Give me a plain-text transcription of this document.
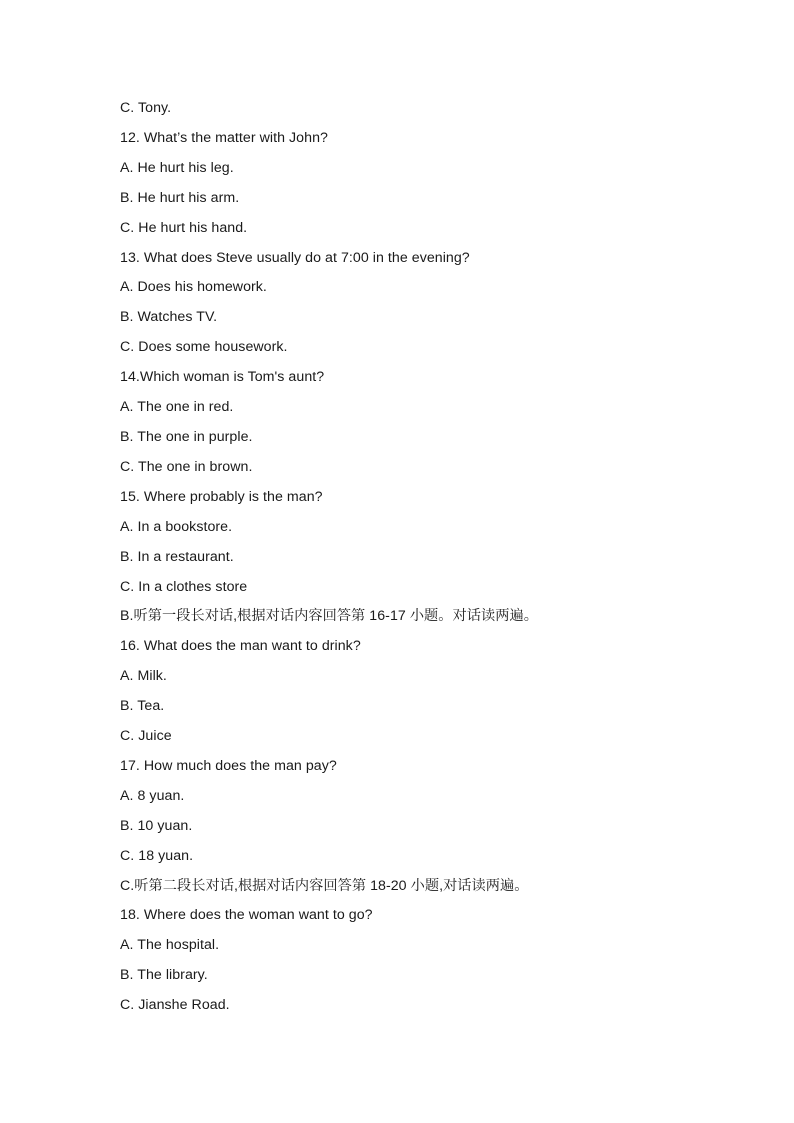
C. Tony.
12. What’s the matter with John?
A. He hurt his leg.
B. He hurt his arm.
C. He hurt his hand.
13. What does Steve usually do at 7:00 in the evening?
A. Does his homework.
B. Watches TV.
C. Does some housework.
14.Which woman is Tom's aunt?
A. The one in red.
B. The one in purple.
C. The one in brown.
15. Where probably is the man?
A. In a bookstore.
B. In a restaurant.
C. In a clothes store
B.听第一段长对话,根据对话内容回答第 16-17 小题。对话读两遍。
16. What does the man want to drink?
A. Milk.
B. Tea.
C. Juice
17. How much does the man pay?
A. 8 yuan.
B. 10 yuan.
C. 18 yuan.
C.听第二段长对话,根据对话内容回答第 18-20 小题,对话读两遍。
18. Where does the woman want to go?
A. The hospital.
B. The library.
C. Jianshe Road.
